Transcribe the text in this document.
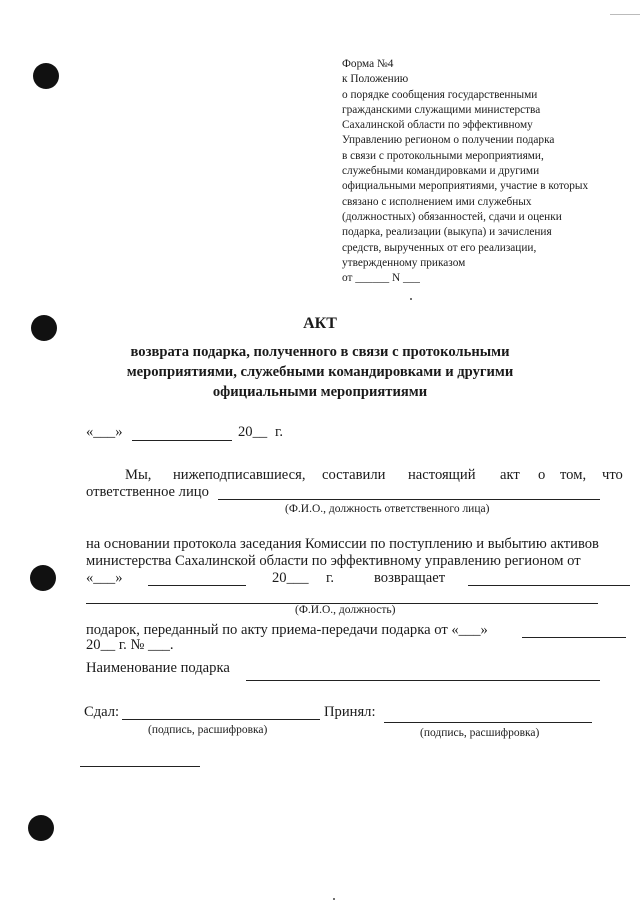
Форма №4
к Положению
о порядке сообщения государственными
гражданскими служащими министерства
Сахалинской области по эффективному
Управлению регионом о получении подарка
в связи с протокольными мероприятиями,
служебными командировками и другими
официальными мероприятиями, участие в которых
связано с исполнением ими служебных
(должностных) обязанностей, сдачи и оценки
подарка, реализации (выкупа) и зачисления
средств, вырученных от его реализации,
утвержденному приказом
от ______ N ___
АКТ
возврата подарка, полученного в связи с протокольными
мероприятиями, служебными командировками и другими
официальными мероприятиями
«___»	20__ г.
Мы, нижеподписавшиеся, составили настоящий акт о том, что
ответственное лицо
(Ф.И.О., должность ответственного лица)
на основании протокола заседания Комиссии по поступлению и выбытию активов
министерства Сахалинской области по эффективному управлению регионом от
«___»	20___ г.	возвращает
(Ф.И.О., должность)
подарок, переданный по акту приема-передачи подарка от «___»
20__ г. № ___.
Наименование подарка
Сдал:
(подпись, расшифровка)
Принял:
(подпись, расшифровка)
